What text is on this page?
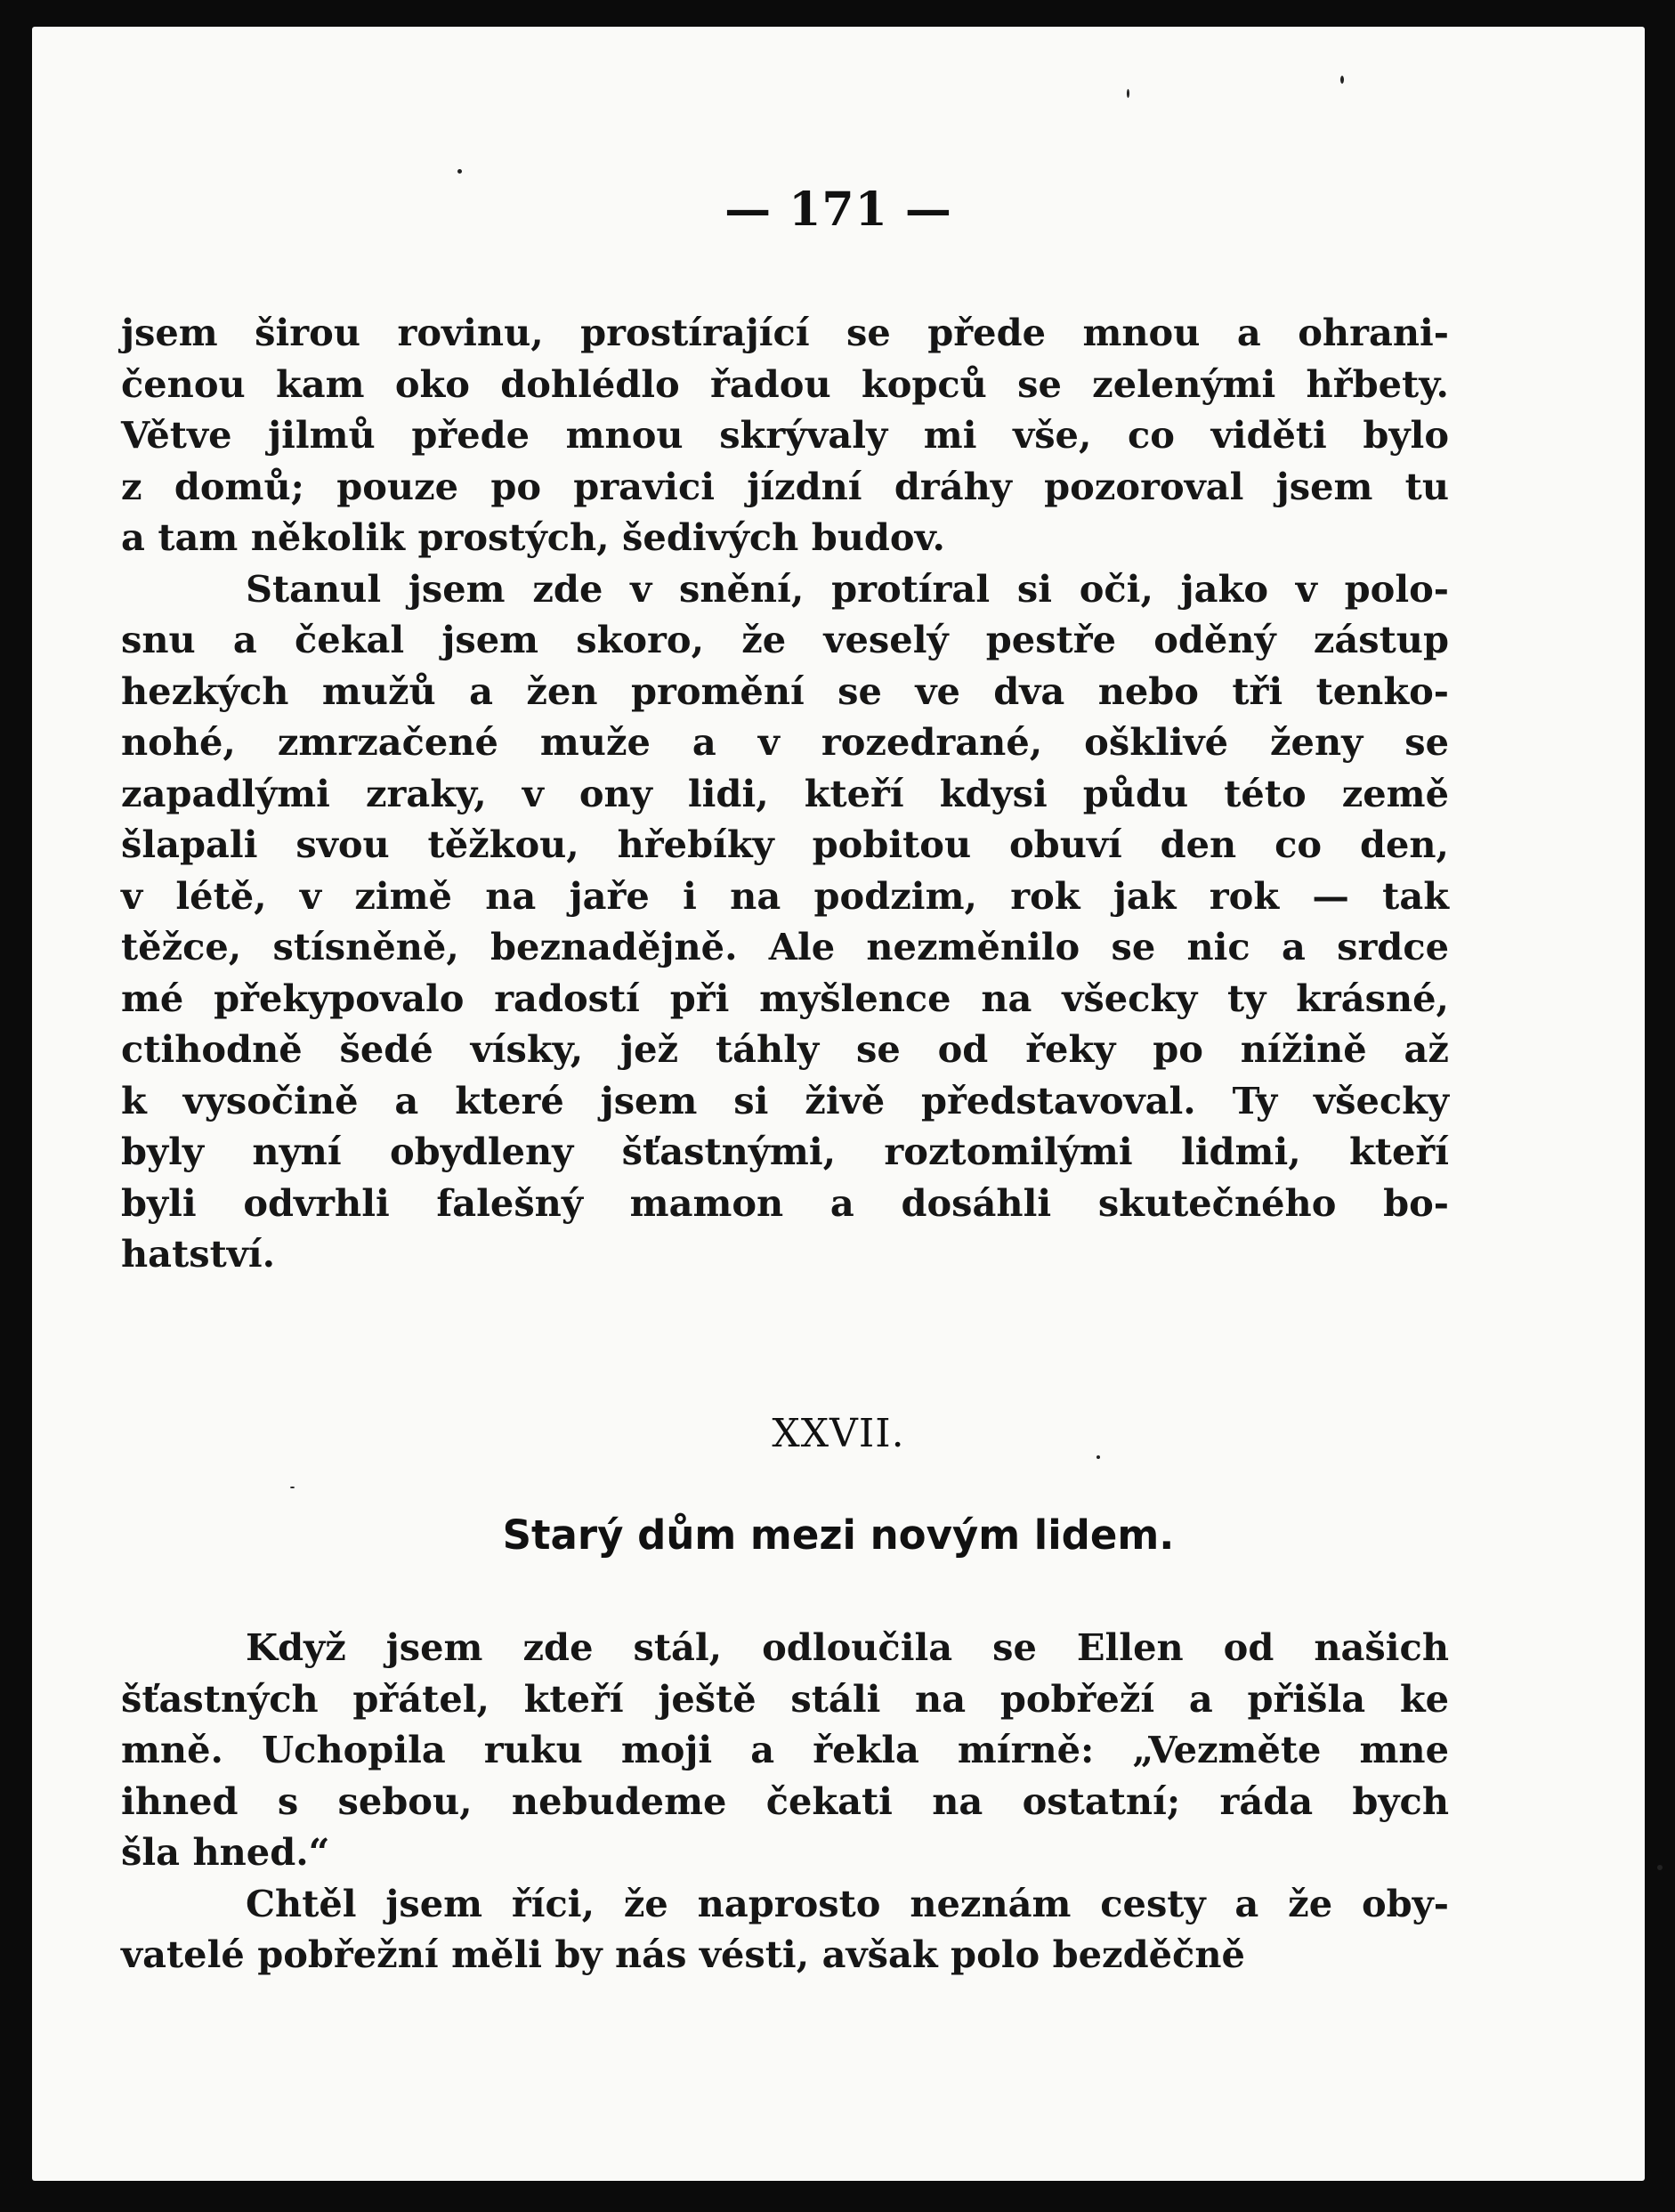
— 171 —
jsem širou rovinu, prostírající se přede mnou a ohrani-
čenou kam oko dohlédlo řadou kopců se zelenými hřbety.
Větve jilmů přede mnou skrývaly mi vše, co viděti bylo
z domů; pouze po pravici jízdní dráhy pozoroval jsem tu
a tam několik prostých, šedivých budov.
Stanul jsem zde v snění, protíral si oči, jako v polo-
snu a čekal jsem skoro, že veselý pestře oděný zástup
hezkých mužů a žen promění se ve dva nebo tři tenko-
nohé, zmrzačené muže a v rozedrané, ošklivé ženy se
zapadlými zraky, v ony lidi, kteří kdysi půdu této země
šlapali svou těžkou, hřebíky pobitou obuví den co den,
v létě, v zimě na jaře i na podzim, rok jak rok — tak
těžce, stísněně, beznadějně. Ale nezměnilo se nic a srdce
mé překypovalo radostí při myšlence na všecky ty krásné,
ctihodně šedé vísky, jež táhly se od řeky po nížině až
k vysočině a které jsem si živě představoval. Ty všecky
byly nyní obydleny šťastnými, roztomilými lidmi, kteří
byli odvrhli falešný mamon a dosáhli skutečného bo-
hatství.
XXVII.
Starý dům mezi novým lidem.
Když jsem zde stál, odloučila se Ellen od našich
šťastných přátel, kteří ještě stáli na pobřeží a přišla ke
mně. Uchopila ruku moji a řekla mírně: „Vezměte mne
ihned s sebou, nebudeme čekati na ostatní; ráda bych
šla hned.“
Chtěl jsem říci, že naprosto neznám cesty a že oby-
vatelé pobřežní měli by nás vésti, avšak polo bezděčně
